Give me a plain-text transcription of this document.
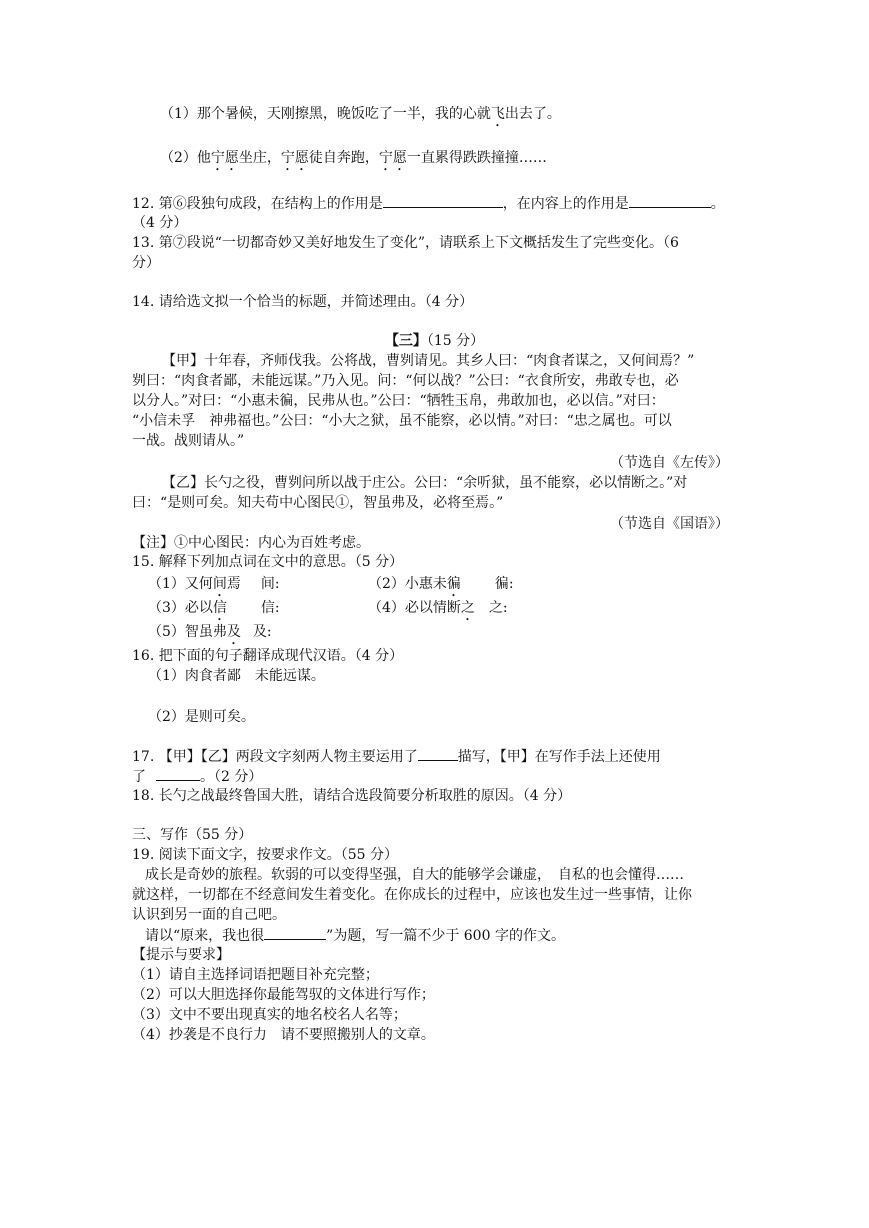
（1）那个暑候，天刚擦黑，晚饭吃了一半，我的心就飞出去了。
（2）他宁愿坐庄，宁愿徒自奔跑，宁愿一直累得跌跌撞撞……
12. 第⑥段独句成段，在结构上的作用是	，在内容上的作用是	。
（4 分）
13. 第⑦段说“一切都奇妙又美好地发生了变化”，请联系上下文概括发生了完些变化。（6
分）
14. 请给选文拟一个恰当的标题，并简述理由。（4 分）
【三】（15 分）
【甲】十年春，齐师伐我。公将战，曹刿请见。其乡人曰：“肉食者谋之，又何间焉？”
刿曰：“肉食者鄙，未能远谋。”乃入见。问：“何以战？”公曰：“衣食所安，弗敢专也，必
以分人。”对曰：“小惠未徧，民弗从也。”公曰：“牺牲玉帛，弗敢加也，必以信。”对曰：
“小信未孚　神弗福也。”公曰：“小大之狱，虽不能察，必以情。”对曰：“忠之属也。可以
一战。战则请从。”
（节选自《左传》）
【乙】长勺之役，曹刿问所以战于庄公。公曰：“余听狱，虽不能察，必以情断之。”对
曰：“是则可矣。知夫苟中心图民①，智虽弗及，必将至焉。”
（节选自《国语》）
【注】①中心图民：内心为百姓考虑。
15. 解释下列加点词在文中的意思。（5 分）
（1）又何间焉 间:	（2）小惠未徧 徧:
（3）必以信 信:	（4）必以情断之 之:
（5）智虽弗及 及:
16. 把下面的句子翻译成现代汉语。（4 分）
（1）肉食者鄙　未能远谋。
（2）是则可矣。
17. 【甲】【乙】两段文字刻两人物主要运用了	描写，【甲】在写作手法上还使用
了	。（2 分）
18. 长勺之战最终鲁国大胜，请结合选段简要分析取胜的原因。（4 分）
三、写作（55 分）
19. 阅读下面文字，按要求作文。（55 分）
成长是奇妙的旅程。软弱的可以变得坚强，自大的能够学会谦虚，　自私的也会懂得……
就这样，一切都在不经意间发生着变化。在你成长的过程中，应该也发生过一些事情，让你
认识到另一面的自己吧。
请以“原来，我也很	”为题，写一篇不少于 600 字的作文。
【提示与要求】
（1）请自主选择词语把题目补充完整；
（2）可以大胆选择你最能驾驭的文体进行写作；
（3）文中不要出现真实的地名校名人名等；
（4）抄袭是不良行力　请不要照搬别人的文章。
